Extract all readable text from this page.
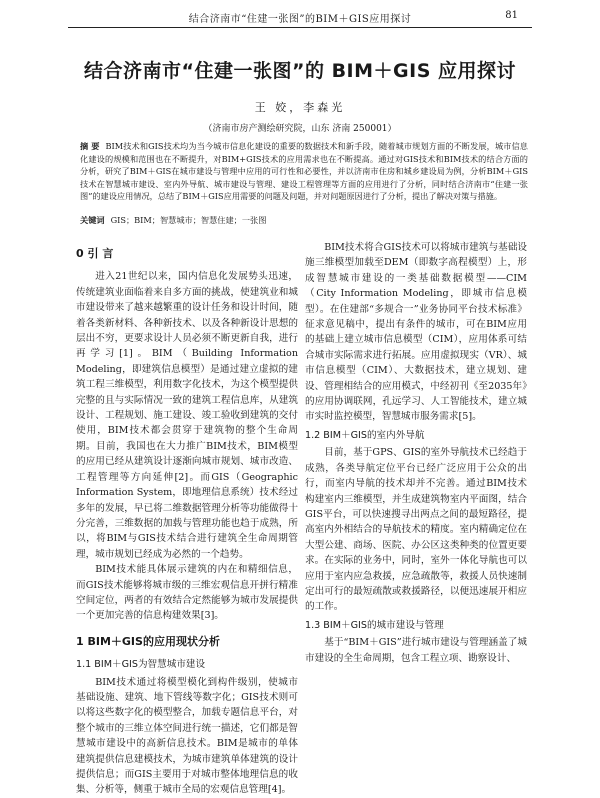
结合济南市“住建一张图”的BIM＋GIS应用探讨	81
结合济南市“住建一张图”的 BIM＋GIS 应用探讨
王 姣，李森光
（济南市房产测绘研究院，山东 济南 250001）
摘 要 BIM技术和GIS技术均为当今城市信息化建设的重要的数据技术和新手段，随着城市规划方面的不断发展，城市信息化建设的规模和范围也在不断提升，对BIM+GIS技术的应用需求也在不断提高。通过对GIS技术和BIM技术的结合方面的分析，研究了BIM＋GIS在城市建设与管理中应用的可行性和必要性，并以济南市住房和城乡建设局为例，分析BIM＋GIS技术在智慧城市建设、室内外导航、城市建设与管理、建设工程管理等方面的应用进行了分析，同时结合济南市“住建一张图”的建设应用情况，总结了BIM＋GIS应用需要的问题及问题，并对问题原因进行了分析，提出了解决对策与措施。
关键词 GIS；BIM；智慧城市；智慧住建；一张图
0 引 言

进入21世纪以来，国内信息化发展势头迅速，传统建筑业面临着来自多方面的挑战，使建筑业和城市建设带来了越来越繁重的设计任务和设计时间，随着各类新材料、各种新技术、以及各种新设计思想的层出不穷，更要求设计人员必须不断更新自我，进行再学习[1]。BIM（Building Information Modeling，即建筑信息模型）是通过建立虚拟的建筑工程三维模型，利用数字化技术，为这个模型提供完整的且与实际情况一致的建筑工程信息库，从建筑设计、工程规划、施工建设、竣工验收到建筑的交付使用，BIM技术都会贯穿于建筑物的整个生命周期。目前，我国也在大力推广BIM技术，BIM模型的应用已经从建筑设计逐渐向城市规划、城市改造、工程管理等方向延伸[2]。而GIS（Geographic Information System，即地理信息系统）技术经过多年的发展，早已将二维数据管理分析等功能做得十分完善，三维数据的加载与管理功能也趋于成熟，所以，将BIM与GIS技术结合进行建筑全生命周期管理，城市规划已经成为必然的一个趋势。

BIM技术能具体展示建筑的内在和精细信息，而GIS技术能够将城市级的三维宏观信息开拼行精准空间定位，两者的有效结合定然能够为城市发展提供一个更加完善的信息构建效果[3]。

1 BIM＋GIS的应用现状分析
1.1 BIM＋GIS为智慧城市建设

BIM技术通过将模型模化到构件级别，使城市基础设施、建筑、地下管线等数字化；GIS技术则可以将这些数字化的模型整合，加载专题信息平台，对整个城市的三维立体空间进行统一描述，它们都是智慧城市建设中的高新信息技术。BIM是城市的单体建筑提供信息建模技术，为城市建筑单体建筑的设计提供信息；而GIS主要用于对城市整体地理信息的收集、分析等，侧重于城市全局的宏观信息管理[4]。

BIM技术将合GIS技术可以将城市建筑与基础设施三维模型加载至DEM（即数字高程模型）上，形成智慧城市建设的一类基础数据模型——CIM（City Information Modeling，即城市信息模型）。在住建部“多规合一”业务协同平台技术标准》征求意见稿中，提出有条件的城市，可在BIM应用的基础上建立城市信息模型（CIM），应用体系可结合城市实际需求进行拓展。应用虚拟现实（VR）、城市信息模型（CIM）、大数据技术，建立规划、建设、管理相结合的应用模式，中经初刊《至2035年》的应用协调联网，孔远学习、人工智能技术，建立城市实时监控模型，智慧城市服务需求[5]。

1.2 BIM＋GIS的室内外导航

目前，基于GPS、GIS的室外导航技术已经趋于成熟，各类导航定位平台已经广泛应用于公众的出行，而室内导航的技术却并不完善。通过BIM技术构建室内三维模型，并生成建筑物室内平面图，结合GIS平台，可以快速搜寻出两点之间的最短路径，提高室内外相结合的导航技术的精度。室内精确定位在大型公建、商场、医院、办公区这类种类的位置更要求。在实际的业务中，同时，室外一体化导航也可以应用于室内应急救援，应急疏散等，救援人员快速制定出可行的最短疏散或救援路径，以便迅速展开相应的工作。

1.3 BIM＋GIS的城市建设与管理

基于“BIM＋GIS”进行城市建设与管理涵盖了城市建设的全生命周期，包含工程立项、勘察设计、
